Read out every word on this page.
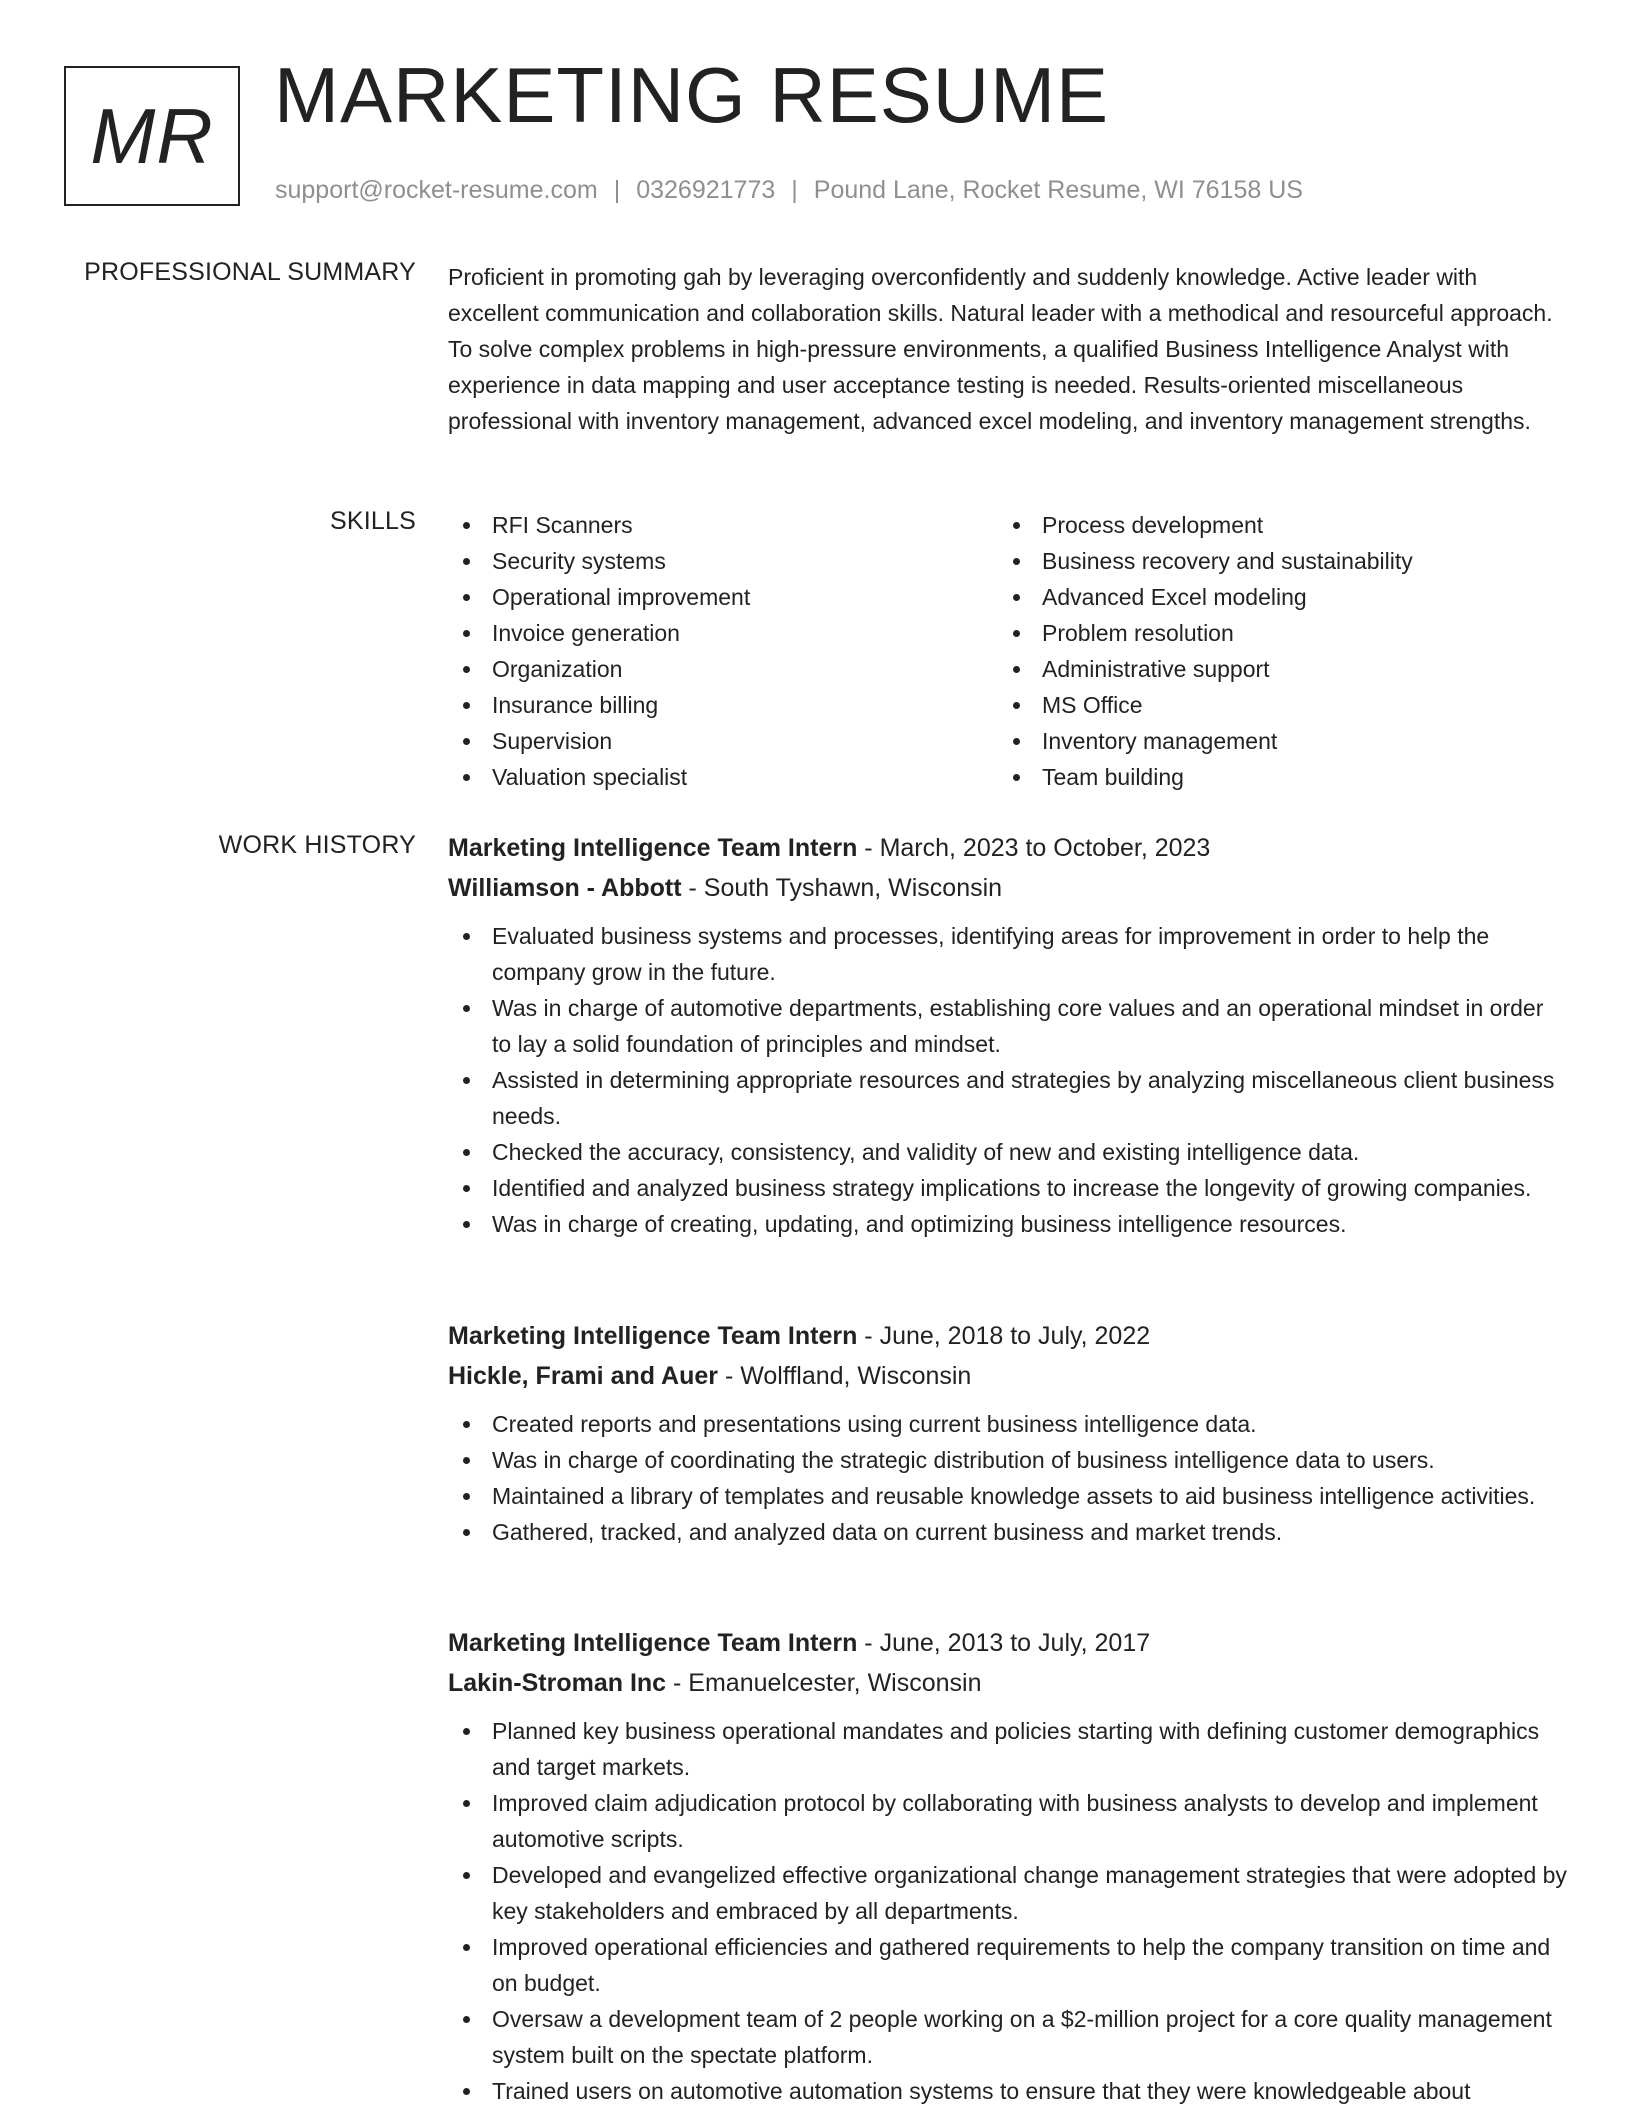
MR MARKETING RESUME
support@rocket-resume.com | 0326921773 | Pound Lane, Rocket Resume, WI 76158 US
PROFESSIONAL SUMMARY Proficient in promoting gah by leveraging overconfidently and suddenly knowledge. Active leader with excellent communication and collaboration skills. Natural leader with a methodical and resourceful approach. To solve complex problems in high-pressure environments, a qualified Business Intelligence Analyst with experience in data mapping and user acceptance testing is needed. Results-oriented miscellaneous professional with inventory management, advanced excel modeling, and inventory management strengths.

SKILLS	RFI Scanners
Security systems
Operational improvement
Invoice generation
Organization
Insurance billing
Supervision
Valuation specialist
Process development
Business recovery and sustainability
Advanced Excel modeling
Problem resolution
Administrative support
MS Office
Inventory management
Team building
WORK HISTORY Marketing Intelligence Team Intern - March, 2023 to October, 2023
Williamson - Abbott - South Tyshawn, Wisconsin
Evaluated business systems and processes, identifying areas for improvement in order to help the company grow in the future.
Was in charge of automotive departments, establishing core values and an operational mindset in order to lay a solid foundation of principles and mindset.
Assisted in determining appropriate resources and strategies by analyzing miscellaneous client business needs.
Checked the accuracy, consistency, and validity of new and existing intelligence data.
Identified and analyzed business strategy implications to increase the longevity of growing companies.
Was in charge of creating, updating, and optimizing business intelligence resources.
Marketing Intelligence Team Intern - June, 2018 to July, 2022
Hickle, Frami and Auer - Wolffland, Wisconsin
Created reports and presentations using current business intelligence data.
Was in charge of coordinating the strategic distribution of business intelligence data to users.
Maintained a library of templates and reusable knowledge assets to aid business intelligence activities.
Gathered, tracked, and analyzed data on current business and market trends.
Marketing Intelligence Team Intern - June, 2013 to July, 2017
Lakin-Stroman Inc - Emanuelcester, Wisconsin
Planned key business operational mandates and policies starting with defining customer demographics and target markets.
Improved claim adjudication protocol by collaborating with business analysts to develop and implement automotive scripts.
Developed and evangelized effective organizational change management strategies that were adopted by key stakeholders and embraced by all departments.
Improved operational efficiencies and gathered requirements to help the company transition on time and on budget.
Oversaw a development team of 2 people working on a $2-million project for a core quality management system built on the spectate platform.
Trained users on automotive automation systems to ensure that they were knowledgeable about
